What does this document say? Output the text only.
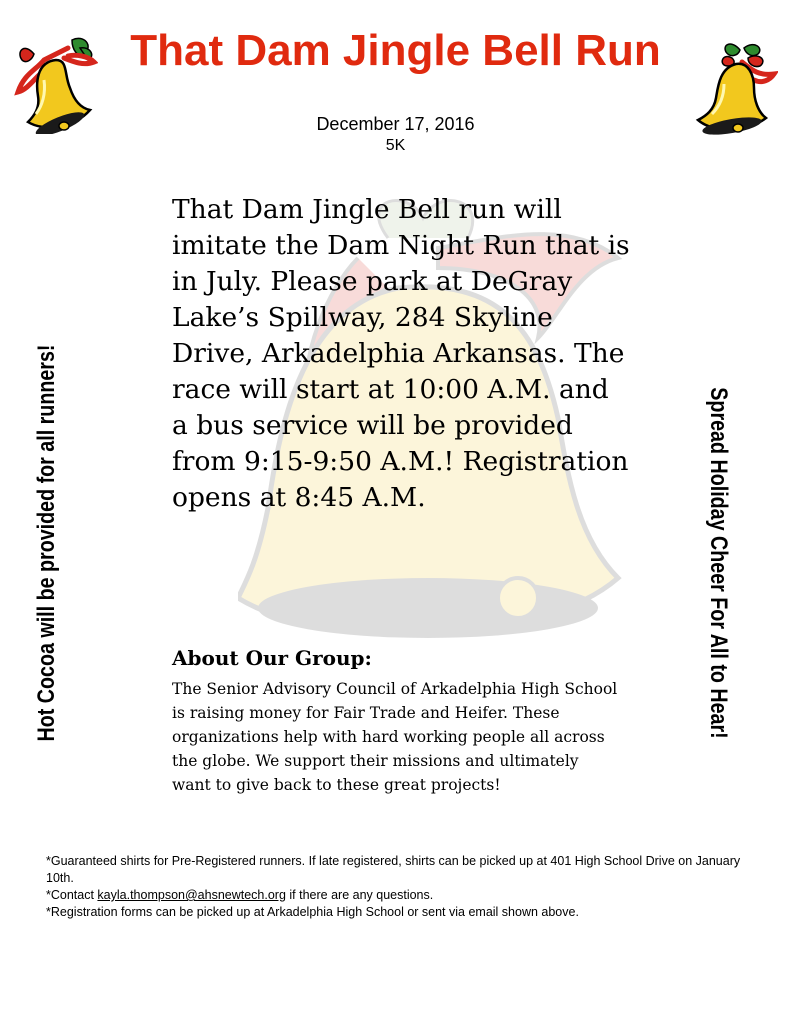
That Dam Jingle Bell Run
December 17, 2016
5K

That Dam Jingle Bell run will imitate the Dam Night Run that is in July. Please park at DeGray Lake’s Spillway, 284 Skyline Drive, Arkadelphia Arkansas. The race will start at 10:00 A.M. and a bus service will be provided from 9:15-9:50 A.M.! Registration opens at 8:45 A.M.

About Our Group:

The Senior Advisory Council of Arkadelphia High School is raising money for Fair Trade and Heifer. These organizations help with hard working people all across the globe. We support their missions and ultimately want to give back to these great projects!

Hot Cocoa will be provided for all runners!	Spread Holiday Cheer For All to Hear!

*Guaranteed shirts for Pre-Registered runners. If late registered, shirts can be picked up at 401 High School Drive on January 10th.

*Contact kayla.thompson@ahsnewtech.org if there are any questions.

*Registration forms can be picked up at Arkadelphia High School or sent via email shown above.
